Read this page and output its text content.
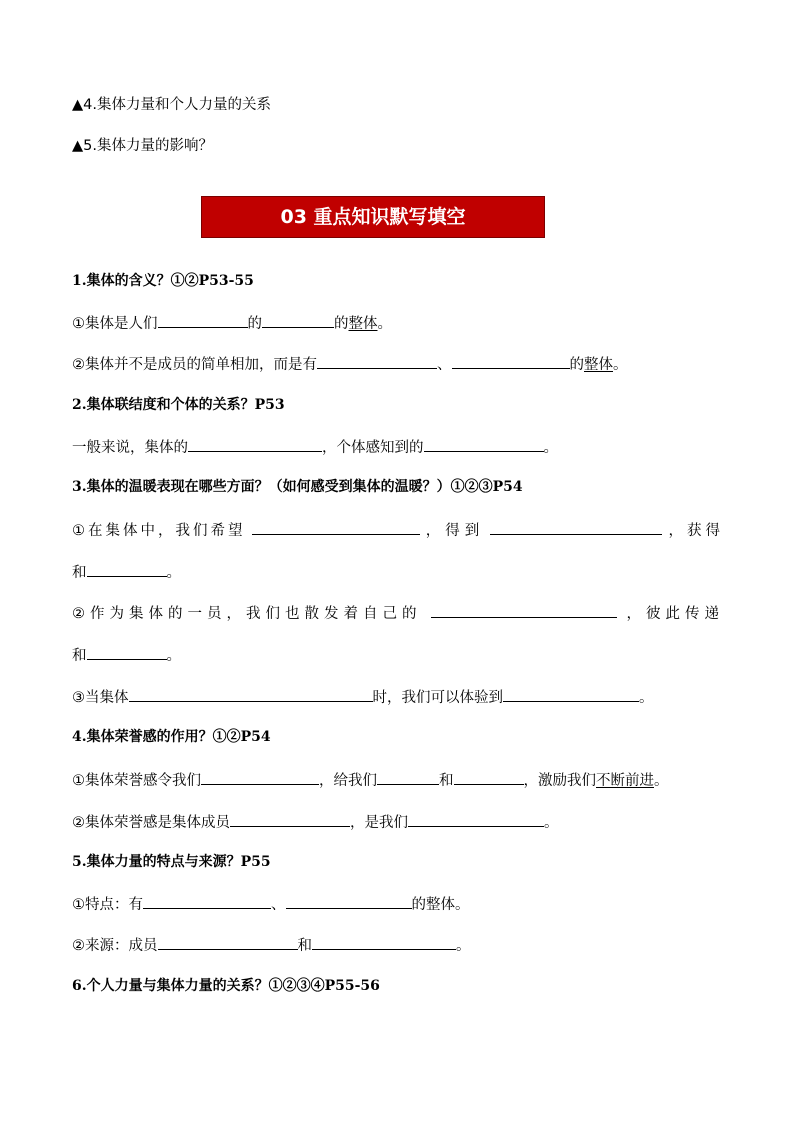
▲4.集体力量和个人力量的关系
▲5.集体力量的影响？
03 重点知识默写填空
1.集体的含义？①②P53-55
①集体是人们	的	的整体。
②集体并不是成员的简单相加，而是有	、	的整体。
2.集体联结度和个体的关系？P53
一般来说，集体的	，个体感知到的	。
3.集体的温暖表现在哪些方面？（如何感受到集体的温暖？）①②③P54
①在集体中，我们希望	，得到	，获得
和	。
②作为集体的一员，我们也散发着自己的	，彼此传递
和	。
③当集体	时，我们可以体验到	。
4.集体荣誉感的作用？①②P54
①集体荣誉感令我们	，给我们	和	，激励我们不断前进。
②集体荣誉感是集体成员	，是我们	。
5.集体力量的特点与来源？P55
①特点：有	、	的整体。
②来源：成员	和	。
6.个人力量与集体力量的关系？①②③④P55-56
